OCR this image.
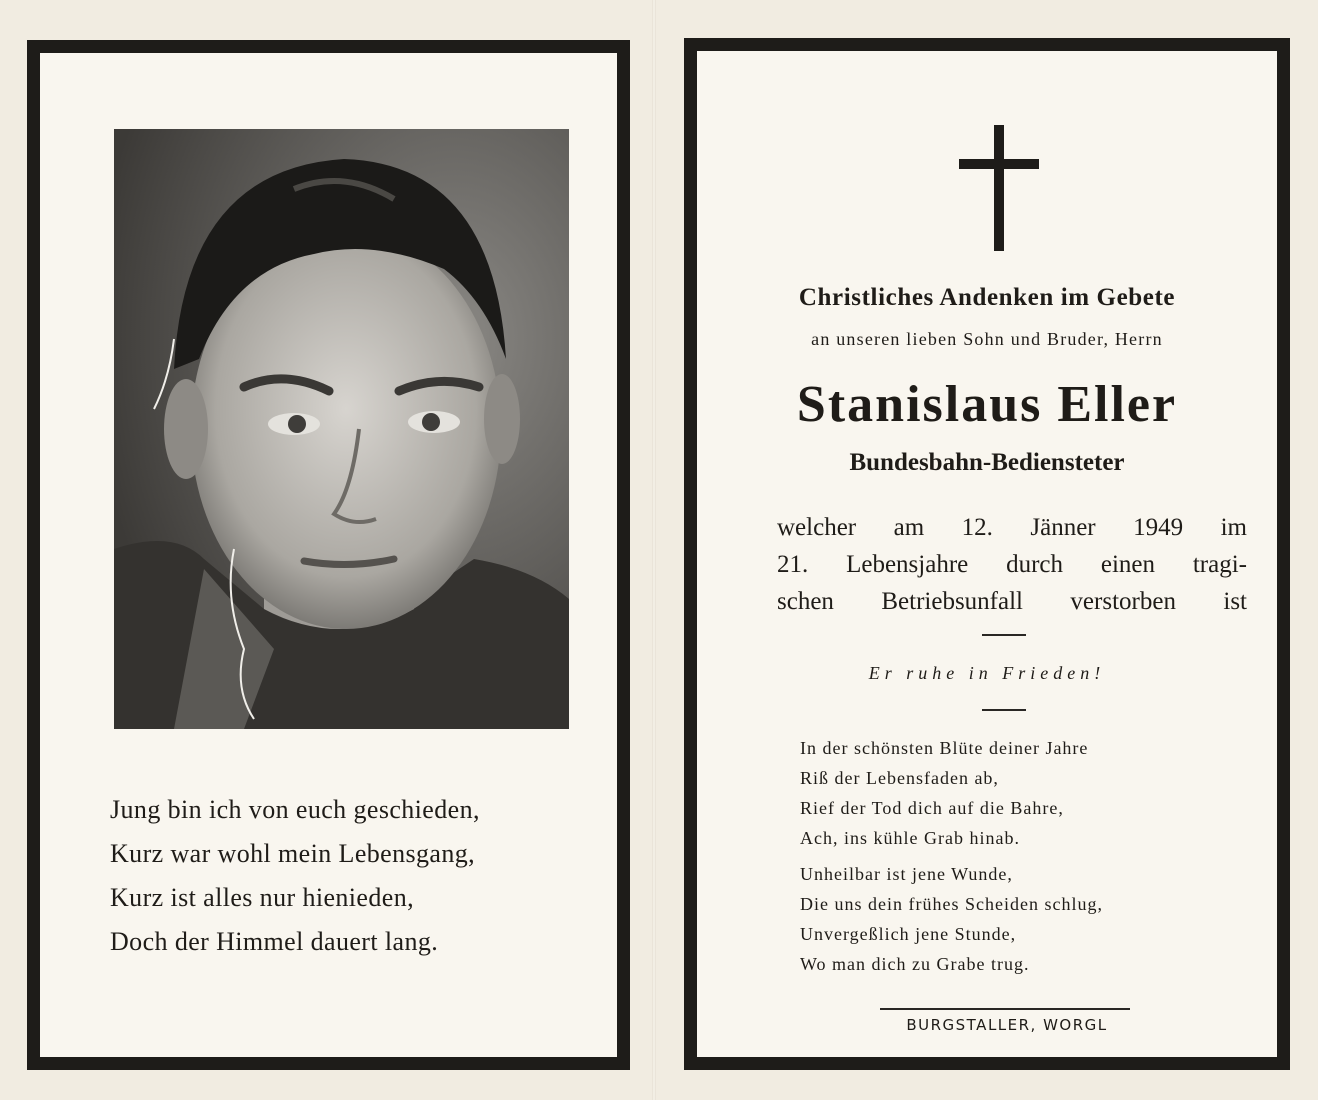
Jung bin ich von euch geschieden,
Kurz war wohl mein Lebensgang,
Kurz ist alles nur hienieden,
Doch der Himmel dauert lang.
Christliches Andenken im Gebete
an unseren lieben Sohn und Bruder, Herrn
Stanislaus Eller
Bundesbahn-Bediensteter
welcher am 12. Jänner 1949 im
21. Lebensjahre durch einen tragi-
schen Betriebsunfall verstorben ist
Er ruhe in Frieden!
In der schönsten Blüte deiner Jahre
Riß der Lebensfaden ab,
Rief der Tod dich auf die Bahre,
Ach, ins kühle Grab hinab.
Unheilbar ist jene Wunde,
Die uns dein frühes Scheiden schlug,
Unvergeßlich jene Stunde,
Wo man dich zu Grabe trug.
BURGSTALLER, WORGL
